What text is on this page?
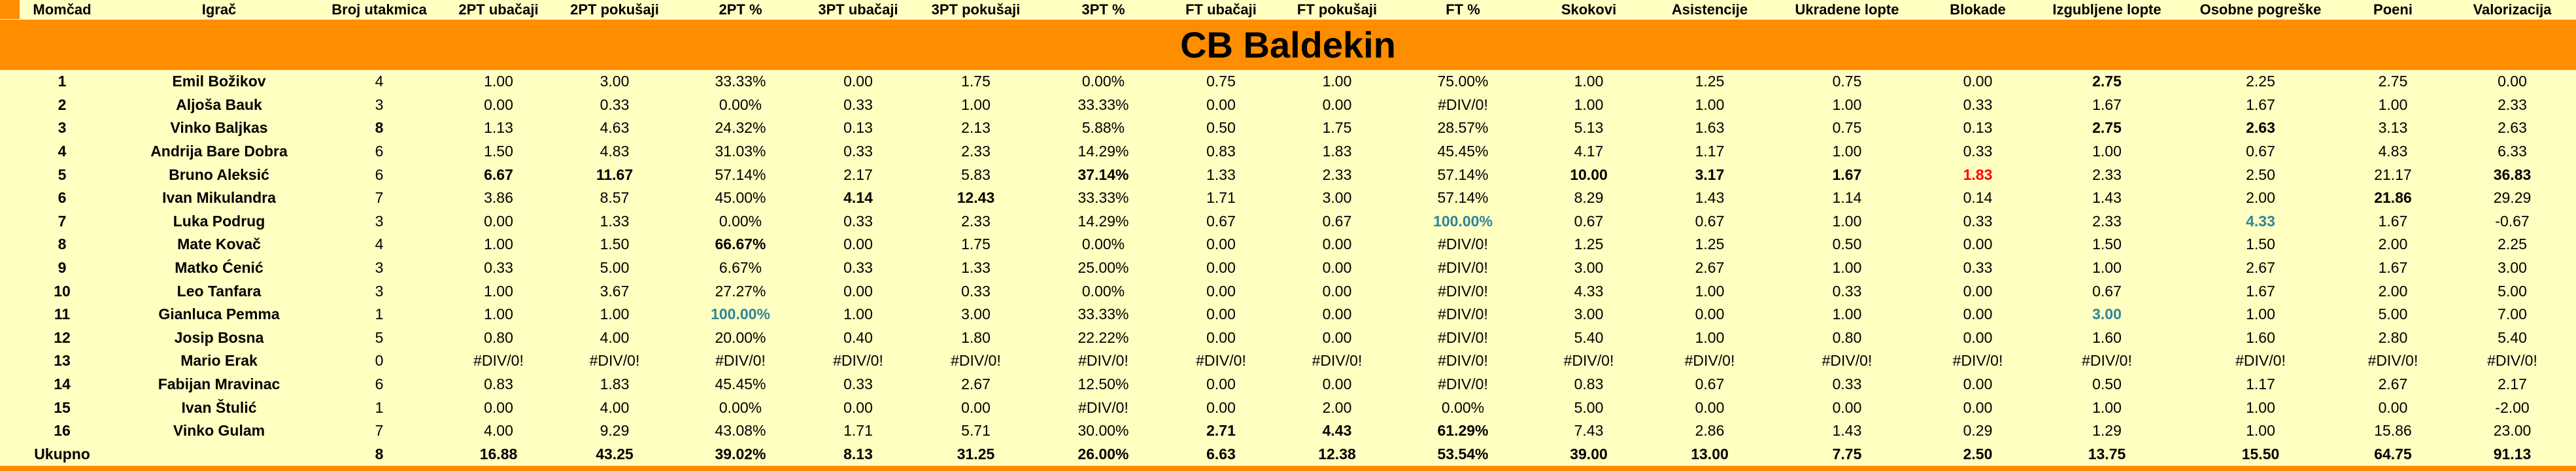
Momčad	Igrač	Broj utakmica	2PT ubačaji	2PT pokušaji	2PT %	3PT ubačaji	3PT pokušaji	3PT %	FT ubačaji	FT pokušaji	FT %	Skokovi	Asistencije	Ukradene lopte	Blokade	Izgubljene lopte	Osobne pogreške	Poeni	Valorizacija
CB Baldekin																			
1	Emil Božikov	4	1.00	3.00	33.33%	0.00	1.75	0.00%	0.75	1.00	75.00%	1.00	1.25	0.75	0.00	2.75	2.25	2.75	0.00
2	Aljoša Bauk	3	0.00	0.33	0.00%	0.33	1.00	33.33%	0.00	0.00	#DIV/0!	1.00	1.00	1.00	0.33	1.67	1.67	1.00	2.33
3	Vinko Baljkas	8	1.13	4.63	24.32%	0.13	2.13	5.88%	0.50	1.75	28.57%	5.13	1.63	0.75	0.13	2.75	2.63	3.13	2.63
4	Andrija Bare Dobra	6	1.50	4.83	31.03%	0.33	2.33	14.29%	0.83	1.83	45.45%	4.17	1.17	1.00	0.33	1.00	0.67	4.83	6.33
5	Bruno Aleksić	6	6.67	11.67	57.14%	2.17	5.83	37.14%	1.33	2.33	57.14%	10.00	3.17	1.67	1.83	2.33	2.50	21.17	36.83
6	Ivan Mikulandra	7	3.86	8.57	45.00%	4.14	12.43	33.33%	1.71	3.00	57.14%	8.29	1.43	1.14	0.14	1.43	2.00	21.86	29.29
7	Luka Podrug	3	0.00	1.33	0.00%	0.33	2.33	14.29%	0.67	0.67	100.00%	0.67	0.67	1.00	0.33	2.33	4.33	1.67	-0.67
8	Mate Kovač	4	1.00	1.50	66.67%	0.00	1.75	0.00%	0.00	0.00	#DIV/0!	1.25	1.25	0.50	0.00	1.50	1.50	2.00	2.25
9	Matko Ćenić	3	0.33	5.00	6.67%	0.33	1.33	25.00%	0.00	0.00	#DIV/0!	3.00	2.67	1.00	0.33	1.00	2.67	1.67	3.00
10	Leo Tanfara	3	1.00	3.67	27.27%	0.00	0.33	0.00%	0.00	0.00	#DIV/0!	4.33	1.00	0.33	0.00	0.67	1.67	2.00	5.00
11	Gianluca Pemma	1	1.00	1.00	100.00%	1.00	3.00	33.33%	0.00	0.00	#DIV/0!	3.00	0.00	1.00	0.00	3.00	1.00	5.00	7.00
12	Josip Bosna	5	0.80	4.00	20.00%	0.40	1.80	22.22%	0.00	0.00	#DIV/0!	5.40	1.00	0.80	0.00	1.60	1.60	2.80	5.40
13	Mario Erak	0	#DIV/0!	#DIV/0!	#DIV/0!	#DIV/0!	#DIV/0!	#DIV/0!	#DIV/0!	#DIV/0!	#DIV/0!	#DIV/0!	#DIV/0!	#DIV/0!	#DIV/0!	#DIV/0!	#DIV/0!	#DIV/0!	#DIV/0!
14	Fabijan Mravinac	6	0.83	1.83	45.45%	0.33	2.67	12.50%	0.00	0.00	#DIV/0!	0.83	0.67	0.33	0.00	0.50	1.17	2.67	2.17
15	Ivan Štulić	1	0.00	4.00	0.00%	0.00	0.00	#DIV/0!	0.00	2.00	0.00%	5.00	0.00	0.00	0.00	1.00	1.00	0.00	-2.00
16	Vinko Gulam	7	4.00	9.29	43.08%	1.71	5.71	30.00%	2.71	4.43	61.29%	7.43	2.86	1.43	0.29	1.29	1.00	15.86	23.00
Ukupno		8	16.88	43.25	39.02%	8.13	31.25	26.00%	6.63	12.38	53.54%	39.00	13.00	7.75	2.50	13.75	15.50	64.75	91.13
